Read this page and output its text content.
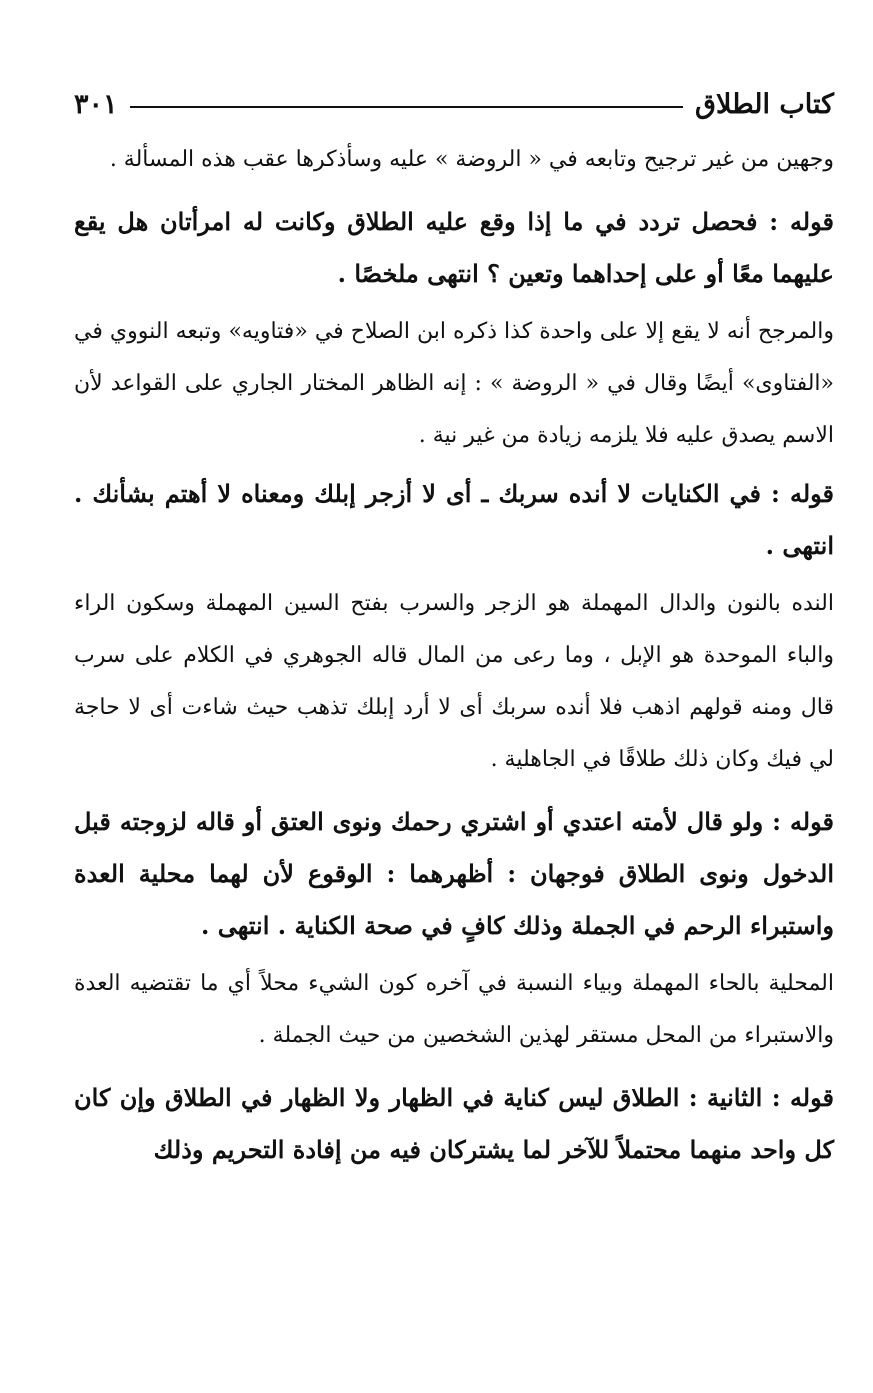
كتاب الطلاق
٣٠١

وجهين من غير ترجيح وتابعه في « الروضة » عليه وسأذكرها عقب هذه المسألة .

قوله : فحصل تردد في ما إذا وقع عليه الطلاق وكانت له امرأتان هل يقع عليهما معًا أو على إحداهما وتعين ؟ انتهى ملخصًا .

والمرجح أنه لا يقع إلا على واحدة كذا ذكره ابن الصلاح في «فتاويه» وتبعه النووي في «الفتاوى» أيضًا وقال في « الروضة » : إنه الظاهر المختار الجاري على القواعد لأن الاسم يصدق عليه فلا يلزمه زيادة من غير نية .

قوله : في الكنايات لا أنده سربك ـ أى لا أزجر إبلك ومعناه لا أهتم بشأنك . انتهى .

النده بالنون والدال المهملة هو الزجر والسرب بفتح السين المهملة وسكون الراء والباء الموحدة هو الإبل ، وما رعى من المال قاله الجوهري في الكلام على سرب قال ومنه قولهم اذهب فلا أنده سربك أى لا أرد إبلك تذهب حيث شاءت أى لا حاجة لي فيك وكان ذلك طلاقًا في الجاهلية .

قوله : ولو قال لأمته اعتدي أو اشتري رحمك ونوى العتق أو قاله لزوجته قبل الدخول ونوى الطلاق فوجهان : أظهرهما : الوقوع لأن لهما محلية العدة واستبراء الرحم في الجملة وذلك كافٍ في صحة الكناية . انتهى .

المحلية بالحاء المهملة وبياء النسبة في آخره كون الشيء محلاً أي ما تقتضيه العدة والاستبراء من المحل مستقر لهذين الشخصين من حيث الجملة .

قوله : الثانية : الطلاق ليس كناية في الظهار ولا الظهار في الطلاق وإن كان كل واحد منهما محتملاً للآخر لما يشتركان فيه من إفادة التحريم وذلك
